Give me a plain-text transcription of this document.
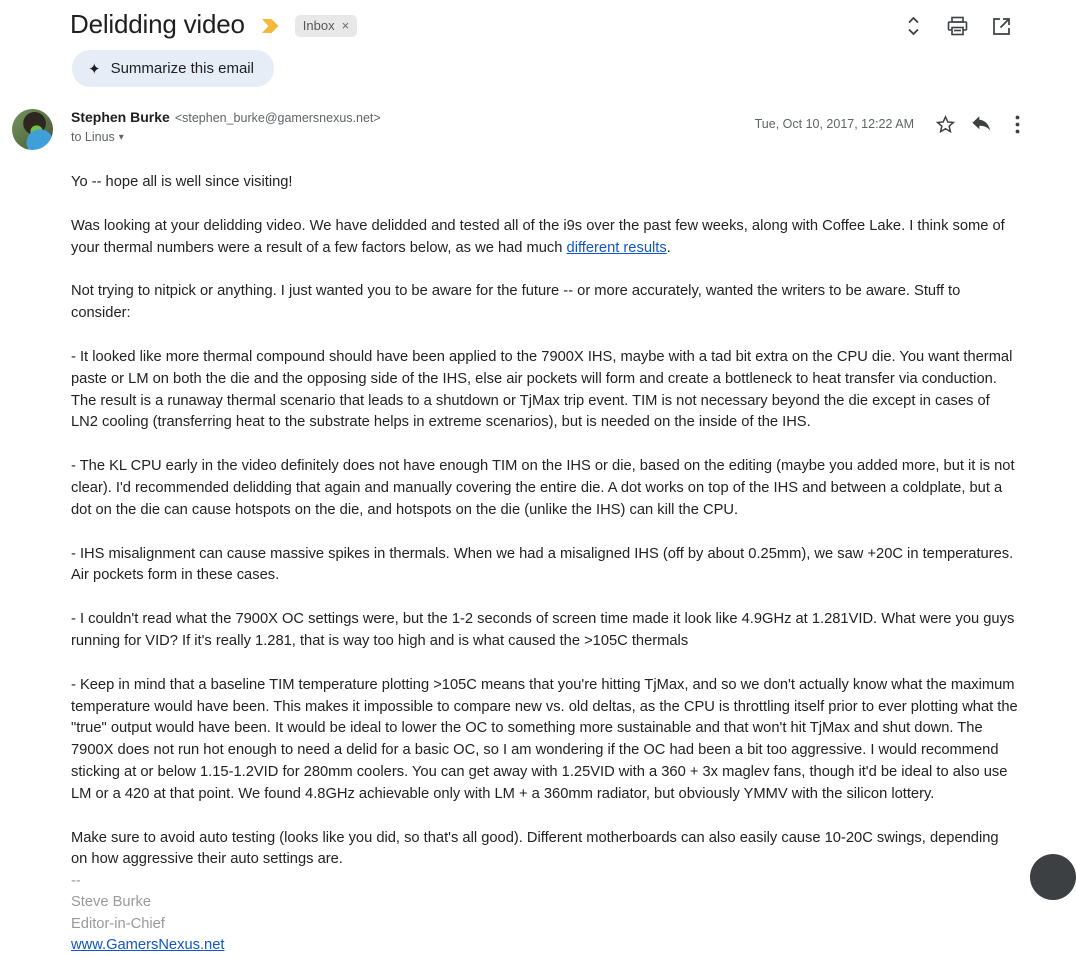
Delidding video	Inbox ×
✦ Summarize this email
Stephen Burke <stephen_burke@gamersnexus.net>
to Linus ▾
Tue, Oct 10, 2017, 12:22 AM

Yo -- hope all is well since visiting!

Was looking at your delidding video. We have delidded and tested all of the i9s over the past few weeks, along with Coffee Lake. I think some of your thermal numbers were a result of a few factors below, as we had much different results.

Not trying to nitpick or anything. I just wanted you to be aware for the future -- or more accurately, wanted the writers to be aware. Stuff to consider:

- It looked like more thermal compound should have been applied to the 7900X IHS, maybe with a tad bit extra on the CPU die. You want thermal paste or LM on both the die and the opposing side of the IHS, else air pockets will form and create a bottleneck to heat transfer via conduction. The result is a runaway thermal scenario that leads to a shutdown or TjMax trip event. TIM is not necessary beyond the die except in cases of LN2 cooling (transferring heat to the substrate helps in extreme scenarios), but is needed on the inside of the IHS.

- The KL CPU early in the video definitely does not have enough TIM on the IHS or die, based on the editing (maybe you added more, but it is not clear). I'd recommended delidding that again and manually covering the entire die. A dot works on top of the IHS and between a coldplate, but a dot on the die can cause hotspots on the die, and hotspots on the die (unlike the IHS) can kill the CPU.

- IHS misalignment can cause massive spikes in thermals. When we had a misaligned IHS (off by about 0.25mm), we saw +20C in temperatures. Air pockets form in these cases.

- I couldn't read what the 7900X OC settings were, but the 1-2 seconds of screen time made it look like 4.9GHz at 1.281VID. What were you guys running for VID? If it's really 1.281, that is way too high and is what caused the >105C thermals

- Keep in mind that a baseline TIM temperature plotting >105C means that you're hitting TjMax, and so we don't actually know what the maximum temperature would have been. This makes it impossible to compare new vs. old deltas, as the CPU is throttling itself prior to ever plotting what the "true" output would have been. It would be ideal to lower the OC to something more sustainable and that won't hit TjMax and shut down. The 7900X does not run hot enough to need a delid for a basic OC, so I am wondering if the OC had been a bit too aggressive. I would recommend sticking at or below 1.15-1.2VID for 280mm coolers. You can get away with 1.25VID with a 360 + 3x maglev fans, though it'd be ideal to also use LM or a 420 at that point. We found 4.8GHz achievable only with LM + a 360mm radiator, but obviously YMMV with the silicon lottery.

Make sure to avoid auto testing (looks like you did, so that's all good). Different motherboards can also easily cause 10-20C swings, depending on how aggressive their auto settings are.

--
Steve Burke
Editor-in-Chief
www.GamersNexus.net
